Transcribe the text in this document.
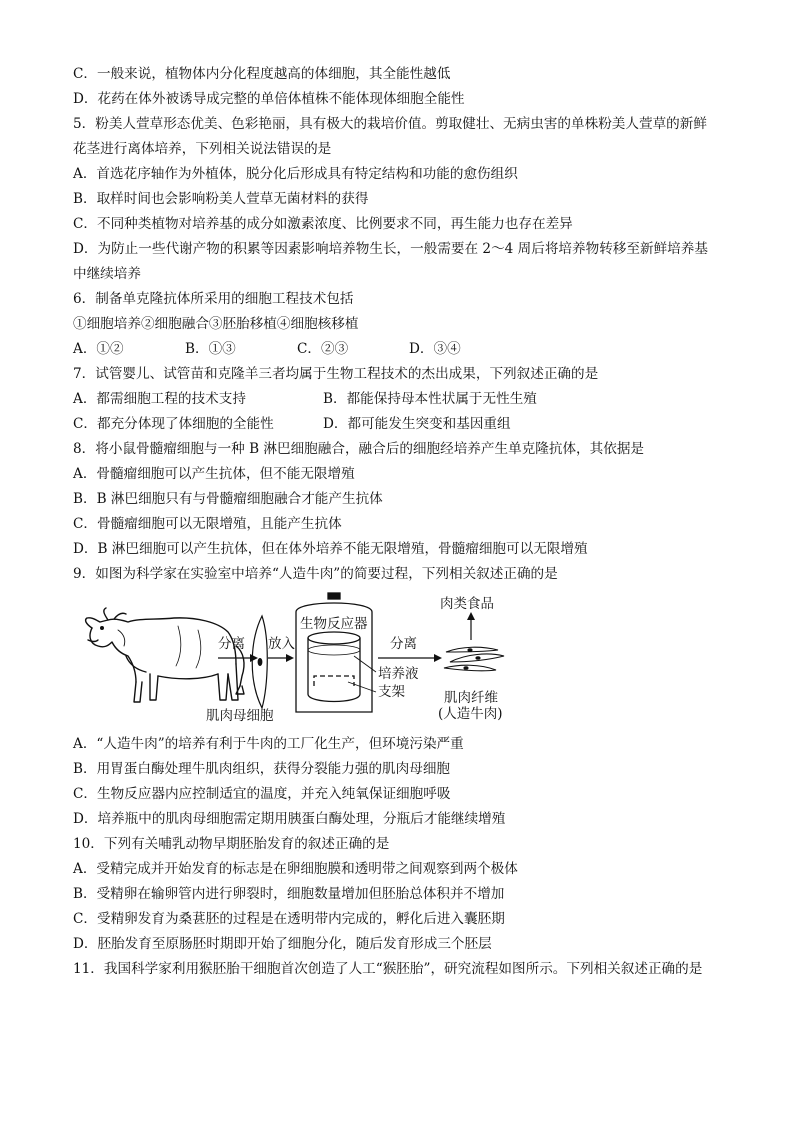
C．一般来说，植物体内分化程度越高的体细胞，其全能性越低
D．花药在体外被诱导成完整的单倍体植株不能体现体细胞全能性
5．粉美人萱草形态优美、色彩艳丽，具有极大的栽培价值。剪取健壮、无病虫害的单株粉美人萱草的新鲜
花茎进行离体培养，下列相关说法错误的是
A．首选花序轴作为外植体，脱分化后形成具有特定结构和功能的愈伤组织
B．取样时间也会影响粉美人萱草无菌材料的获得
C．不同种类植物对培养基的成分如激素浓度、比例要求不同，再生能力也存在差异
D．为防止一些代谢产物的积累等因素影响培养物生长，一般需要在 2～4 周后将培养物转移至新鲜培养基
中继续培养
6．制备单克隆抗体所采用的细胞工程技术包括
①细胞培养②细胞融合③胚胎移植④细胞核移植
A．①②	B．①③	C．②③	D．③④
7．试管婴儿、试管苗和克隆羊三者均属于生物工程技术的杰出成果，下列叙述正确的是
A．都需细胞工程的技术支持	B．都能保持母本性状属于无性生殖
C．都充分体现了体细胞的全能性	D．都可能发生突变和基因重组
8．将小鼠骨髓瘤细胞与一种 B 淋巴细胞融合，融合后的细胞经培养产生单克隆抗体，其依据是
A．骨髓瘤细胞可以产生抗体，但不能无限增殖
B．B 淋巴细胞只有与骨髓瘤细胞融合才能产生抗体
C．骨髓瘤细胞可以无限增殖，且能产生抗体
D．B 淋巴细胞可以产生抗体，但在体外培养不能无限增殖，骨髓瘤细胞可以无限增殖
9．如图为科学家在实验室中培养“人造牛肉”的简要过程，下列相关叙述正确的是
分离
肌肉母细胞
放入
生物反应器
培养液
支架
分离
肉类食品
肌肉纤维
(人造牛肉)
A．“人造牛肉”的培养有利于牛肉的工厂化生产，但环境污染严重
B．用胃蛋白酶处理牛肌肉组织，获得分裂能力强的肌肉母细胞
C．生物反应器内应控制适宜的温度，并充入纯氧保证细胞呼吸
D．培养瓶中的肌肉母细胞需定期用胰蛋白酶处理，分瓶后才能继续增殖
10．下列有关哺乳动物早期胚胎发育的叙述正确的是
A．受精完成并开始发育的标志是在卵细胞膜和透明带之间观察到两个极体
B．受精卵在输卵管内进行卵裂时，细胞数量增加但胚胎总体积并不增加
C．受精卵发育为桑葚胚的过程是在透明带内完成的，孵化后进入囊胚期
D．胚胎发育至原肠胚时期即开始了细胞分化，随后发育形成三个胚层
11．我国科学家利用猴胚胎干细胞首次创造了人工“猴胚胎”，研究流程如图所示。下列相关叙述正确的是
